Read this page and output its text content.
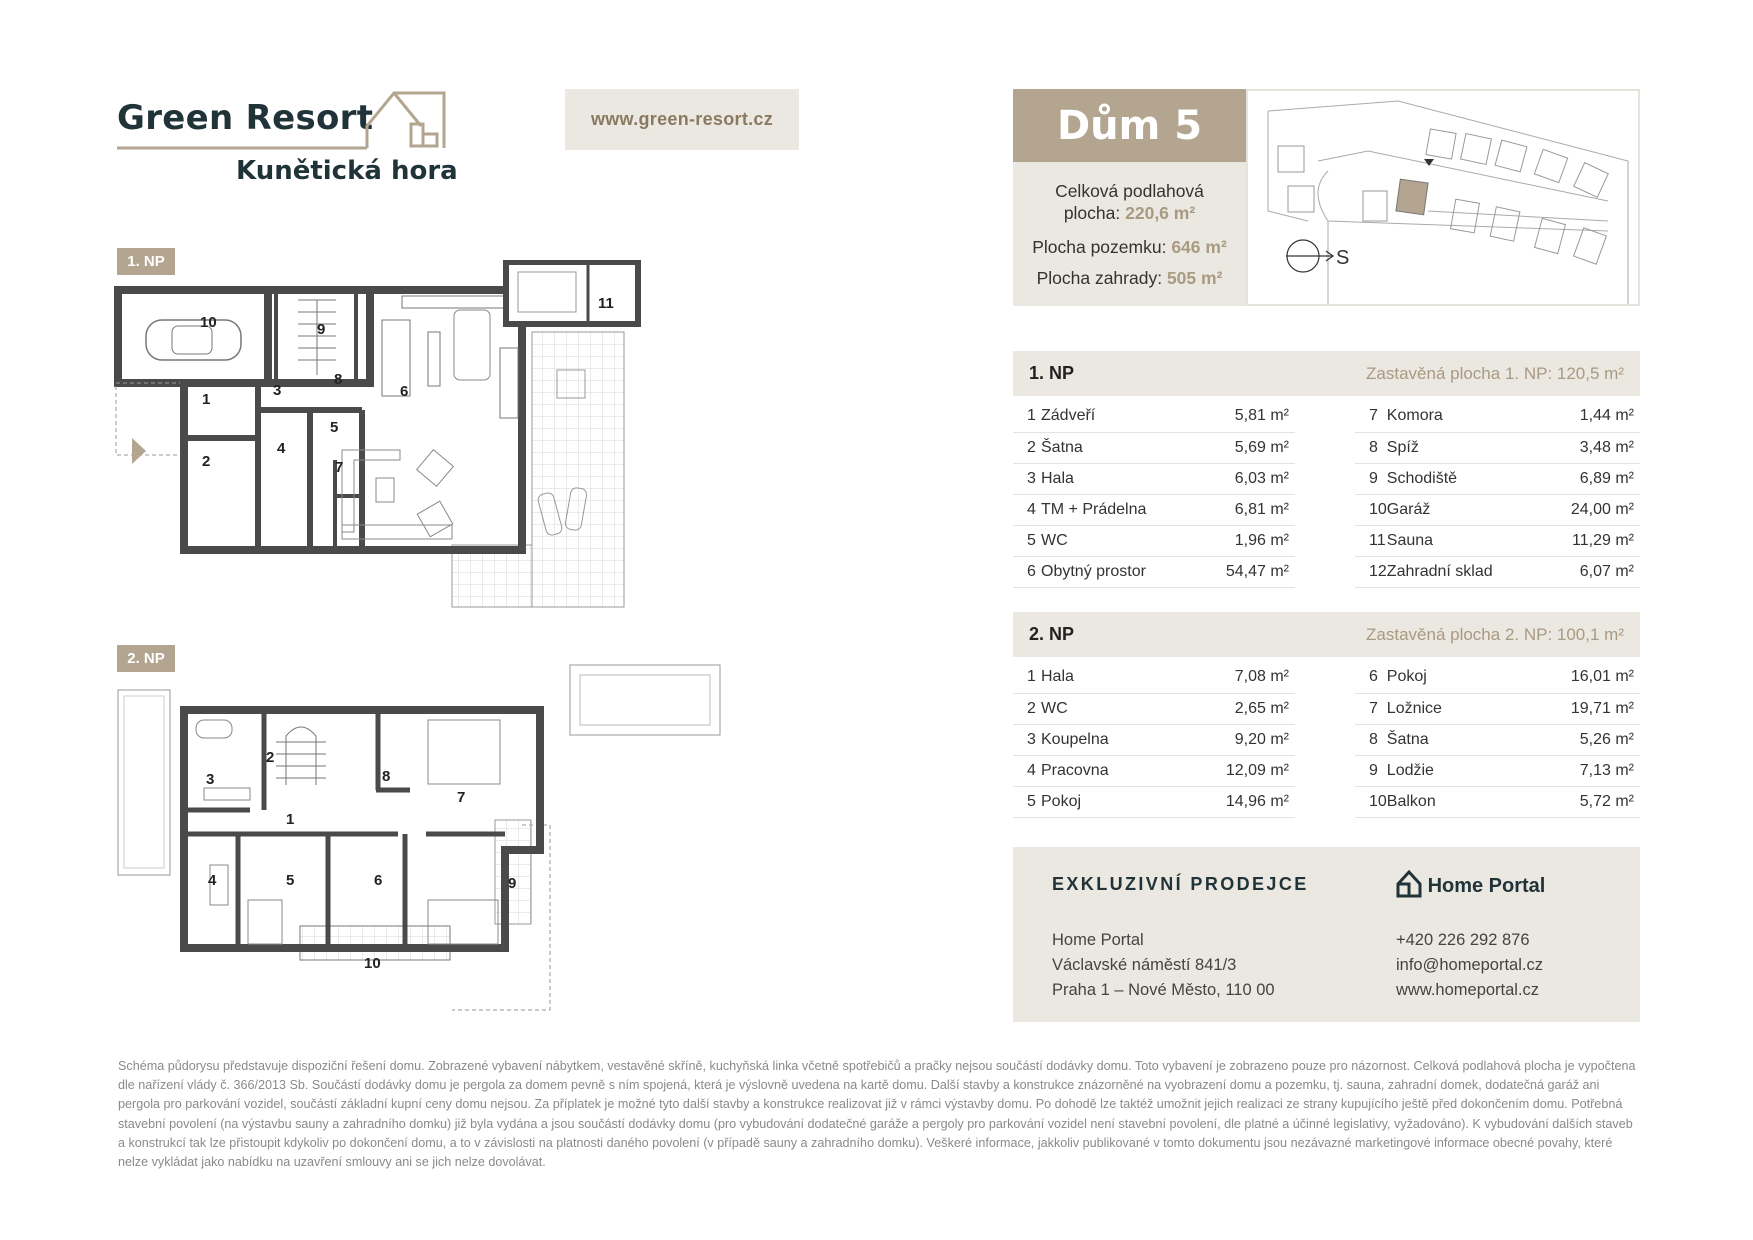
Green Resort
Kunětická hora
www.green-resort.cz
1. NP
2. NP
10
1
2
3
4
5
6
7
8
9
11
1
2
3
4	5	6
7
8
9
10
Dům 5
Celková podlahová
plocha: 220,6 m²
Plocha pozemku: 646 m²
Plocha zahrady: 505 m²
S
1. NP	Zastavěná plocha 1. NP: 120,5 m²
1	Zádveří	5,81 m²
2	Šatna	5,69 m²
3	Hala	6,03 m²
4	TM + Prádelna	6,81 m²
5	WC	1,96 m²
6	Obytný prostor	54,47 m²
7	Komora	1,44 m²
8	Spíž	3,48 m²
9	Schodiště	6,89 m²
10	Garáž	24,00 m²
11	Sauna	11,29 m²
12	Zahradní sklad	6,07 m²
2. NP	Zastavěná plocha 2. NP: 100,1 m²
1	Hala	7,08 m²
2	WC	2,65 m²
3	Koupelna	9,20 m²
4	Pracovna	12,09 m²
5	Pokoj	14,96 m²
6	Pokoj	16,01 m²
7	Ložnice	19,71 m²
8	Šatna	5,26 m²
9	Lodžie	7,13 m²
10	Balkon	5,72 m²
EXKLUZIVNÍ PRODEJCE	Home Portal
Home Portal
Václavské náměstí 841/3
Praha 1 – Nové Město, 110 00
+420 226 292 876
info@homeportal.cz
www.homeportal.cz
Schéma půdorysu představuje dispoziční řešení domu. Zobrazené vybavení nábytkem, vestavěné skříně, kuchyňská linka včetně spotřebičů a pračky nejsou součástí dodávky domu. Toto vybavení je zobrazeno pouze pro názornost. Celková podlahová plocha je vypočtena dle nařízení vlády č. 366/2013 Sb. Součástí dodávky domu je pergola za domem pevně s ním spojená, která je výslovně uvedena na kartě domu. Další stavby a konstrukce znázorněné na vyobrazení domu a pozemku, tj. sauna, zahradní domek, dodatečná garáž ani pergola pro parkování vozidel, součástí základní kupní ceny domu nejsou. Za příplatek je možné tyto další stavby a konstrukce realizovat již v rámci výstavby domu. Po dohodě lze taktéž umožnit jejich realizaci ze strany kupujícího ještě před dokončením domu. Potřebná stavební povolení (na výstavbu sauny a zahradního domku) již byla vydána a jsou součástí dodávky domu (pro vybudování dodatečné garáže a pergoly pro parkování vozidel není stavební povolení, dle platné a účinné legislativy, vyžadováno). K vybudování dalších staveb a konstrukcí tak lze přistoupit kdykoliv po dokončení domu, a to v závislosti na platnosti daného povolení (v případě sauny a zahradního domku). Veškeré informace, jakkoliv publikované v tomto dokumentu jsou nezávazné marketingové informace obecné povahy, které nelze vykládat jako nabídku na uzavření smlouvy ani se jich nelze dovolávat.
